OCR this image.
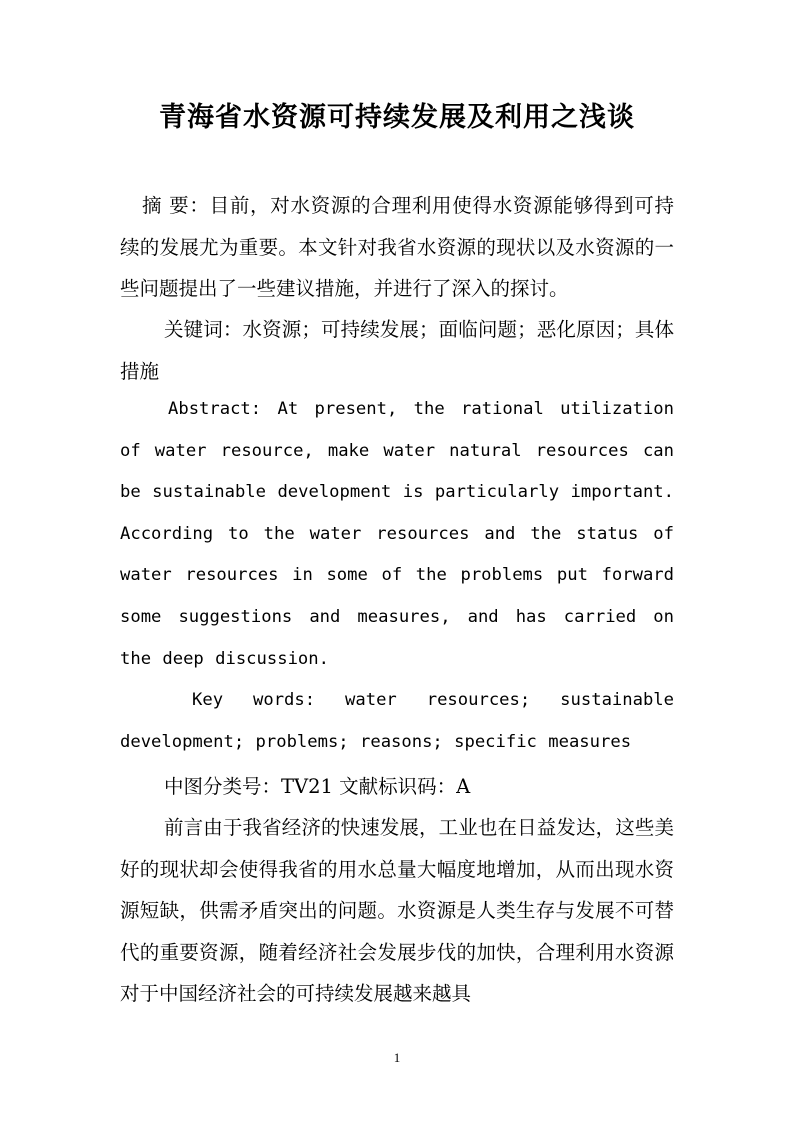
青海省水资源可持续发展及利用之浅谈
摘 要：目前，对水资源的合理利用使得水资源能够得到可持续的发展尤为重要。本文针对我省水资源的现状以及水资源的一些问题提出了一些建议措施，并进行了深入的探讨。
关键词：水资源；可持续发展；面临问题；恶化原因；具体措施
Abstract: At present, the rational utilization of water resource, make water natural resources can be sustainable development is particularly important. According to the water resources and the status of water resources in some of the problems put forward some suggestions and measures, and has carried on the deep discussion.
Key words: water resources; sustainable development; problems; reasons; specific measures
中图分类号：TV21 文献标识码：A
前言由于我省经济的快速发展，工业也在日益发达，这些美好的现状却会使得我省的用水总量大幅度地增加，从而出现水资源短缺，供需矛盾突出的问题。水资源是人类生存与发展不可替代的重要资源，随着经济社会发展步伐的加快，合理利用水资源对于中国经济社会的可持续发展越来越具
1
